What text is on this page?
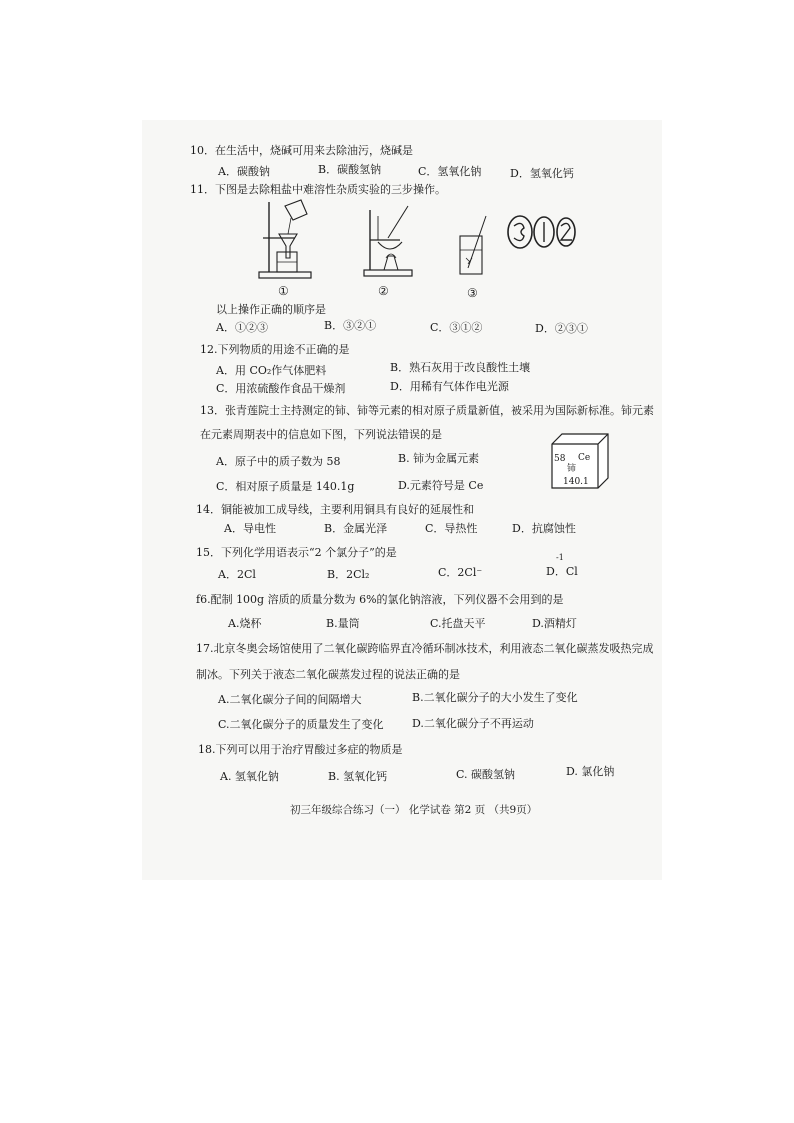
10．在生活中，烧碱可用来去除油污，烧碱是
A．碳酸钠	B．碳酸氢钠	C．氢氧化钠	D．氢氧化钙
11．下图是去除粗盐中难溶性杂质实验的三步操作。
①	②	③
以上操作正确的顺序是
A．①②③	B．③②①	C．③①②	D．②③①
12.下列物质的用途不正确的是
A．用 CO₂作气体肥料	B．熟石灰用于改良酸性土壤
C．用浓硫酸作食品干燥剂	D．用稀有气体作电光源
13．张青莲院士主持测定的铈、铈等元素的相对原子质量新值，被采用为国际新标准。铈元素
在元素周期表中的信息如下图，下列说法错误的是
A．原子中的质子数为 58	B. 铈为金属元素
C．相对原子质量是 140.1g	D.元素符号是 Ce
58 Ce
铈
140.1
14．铜能被加工成导线，主要利用铜具有良好的延展性和
A．导电性	B．金属光泽	C．导热性	D．抗腐蚀性
15．下列化学用语表示“2 个氯分子”的是	-1
A．2Cl	B．2Cl₂	C．2Cl⁻	D．Cl
f6.配制 100g 溶质的质量分数为 6%的氯化钠溶液，下列仪器不会用到的是
A.烧杯	B.量筒	C.托盘天平	D.酒精灯
17.北京冬奥会场馆使用了二氧化碳跨临界直冷循环制冰技术，利用液态二氧化碳蒸发吸热完成
制冰。下列关于液态二氧化碳蒸发过程的说法正确的是
A.二氧化碳分子间的间隔增大	B.二氧化碳分子的大小发生了变化
C.二氧化碳分子的质量发生了变化	D.二氧化碳分子不再运动
18.下列可以用于治疗胃酸过多症的物质是
A. 氢氧化钠	B. 氢氧化钙	C. 碳酸氢钠	D. 氯化钠
初三年级综合练习（一） 化学试卷 第2 页 （共9页）
